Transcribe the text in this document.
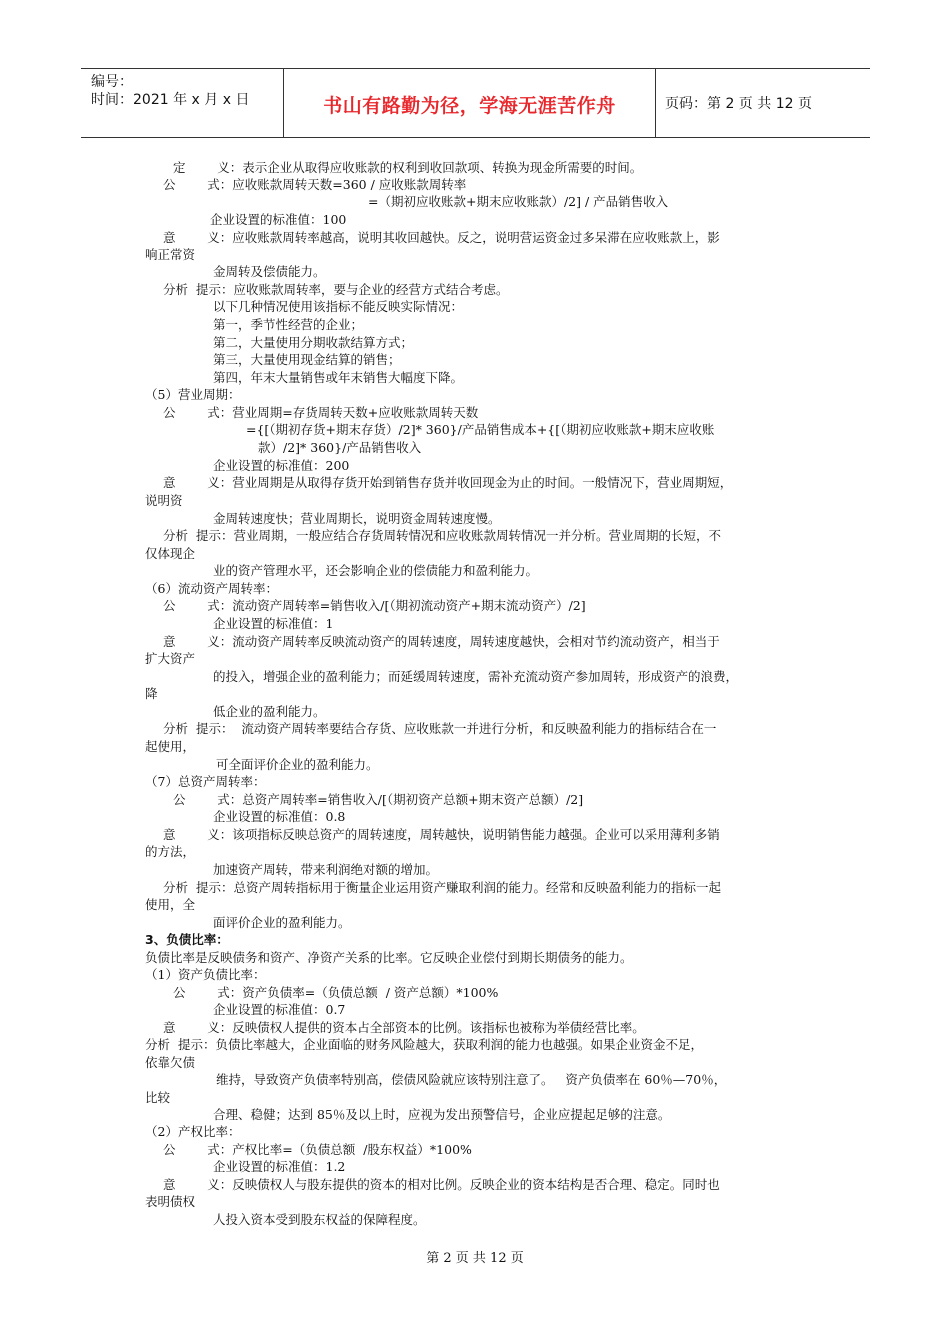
编号：
时间：2021 年 x 月 x 日	书山有路勤为径，学海无涯苦作舟	页码：第 2 页 共 12 页
定        义：表示企业从取得应收账款的权利到收回款项、转换为现金所需要的时间。
公        式：应收账款周转天数=360 / 应收账款周转率
=（期初应收账款+期末应收账款）/2] / 产品销售收入
企业设置的标准值：100
意        义：应收账款周转率越高，说明其收回越快。反之，说明营运资金过多呆滞在应收账款上，影
响正常资
金周转及偿债能力。
分析  提示：应收账款周转率，要与企业的经营方式结合考虑。
以下几种情况使用该指标不能反映实际情况：
第一，季节性经营的企业；
第二，大量使用分期收款结算方式；
第三，大量使用现金结算的销售；
第四，年末大量销售或年末销售大幅度下降。
（5）营业周期：
公        式：营业周期=存货周转天数+应收账款周转天数
={[（期初存货+期末存货）/2]* 360}/产品销售成本+{[（期初应收账款+期末应收账
款）/2]* 360}/产品销售收入
企业设置的标准值：200
意        义：营业周期是从取得存货开始到销售存货并收回现金为止的时间。一般情况下，营业周期短，
说明资
金周转速度快；营业周期长，说明资金周转速度慢。
分析  提示：营业周期，一般应结合存货周转情况和应收账款周转情况一并分析。营业周期的长短，不
仅体现企
业的资产管理水平，还会影响企业的偿债能力和盈利能力。
（6）流动资产周转率：
公        式：流动资产周转率=销售收入/[（期初流动资产+期末流动资产）/2]
企业设置的标准值：1
意        义：流动资产周转率反映流动资产的周转速度，周转速度越快，会相对节约流动资产，相当于
扩大资产
的投入，增强企业的盈利能力；而延缓周转速度，需补充流动资产参加周转，形成资产的浪费，
降
低企业的盈利能力。
分析  提示：  流动资产周转率要结合存货、应收账款一并进行分析，和反映盈利能力的指标结合在一
起使用，
可全面评价企业的盈利能力。
（7）总资产周转率：
公        式：总资产周转率=销售收入/[（期初资产总额+期末资产总额）/2]
企业设置的标准值：0.8
意        义：该项指标反映总资产的周转速度，周转越快，说明销售能力越强。企业可以采用薄利多销
的方法，
加速资产周转，带来利润绝对额的增加。
分析  提示：总资产周转指标用于衡量企业运用资产赚取利润的能力。经常和反映盈利能力的指标一起
使用，全
面评价企业的盈利能力。
3、负债比率：
负债比率是反映债务和资产、净资产关系的比率。它反映企业偿付到期长期债务的能力。
（1）资产负债比率：
公        式：资产负债率=（负债总额  / 资产总额）*100%
企业设置的标准值：0.7
意        义：反映债权人提供的资本占全部资本的比例。该指标也被称为举债经营比率。
分析  提示：负债比率越大，企业面临的财务风险越大，获取利润的能力也越强。如果企业资金不足，
依靠欠债
维持，导致资产负债率特别高，偿债风险就应该特别注意了。   资产负债率在 60％—70％，
比较
合理、稳健；达到 85％及以上时，应视为发出预警信号，企业应提起足够的注意。
（2）产权比率：
公        式：产权比率=（负债总额  /股东权益）*100%
企业设置的标准值：1.2
意        义：反映债权人与股东提供的资本的相对比例。反映企业的资本结构是否合理、稳定。同时也
表明债权
人投入资本受到股东权益的保障程度。
第 2 页 共 12 页
